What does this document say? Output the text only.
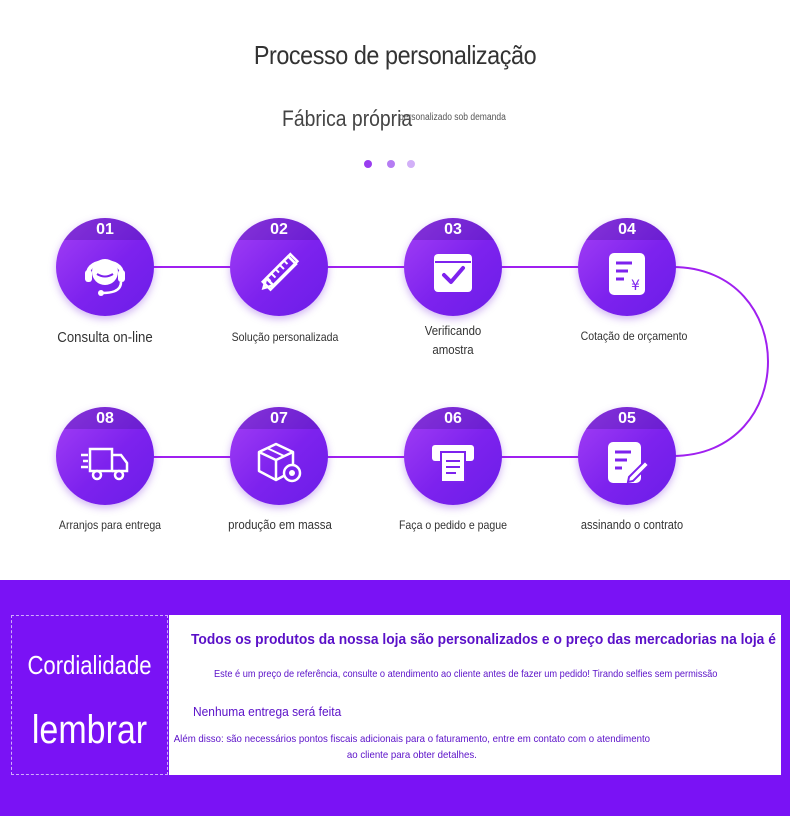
Processo de personalização
Fábrica própria
personalizado sob demanda
01
Consulta on-line
02
Solução personalizada
03
Verificando amostra
04
¥
Cotação de orçamento
08
Arranjos para entrega
07
produção em massa
06
Faça o pedido e pague
05
assinando o contrato
Cordialidade
lembrar
Todos os produtos da nossa loja são personalizados e o preço das mercadorias na loja é
Este é um preço de referência, consulte o atendimento ao cliente antes de fazer um pedido! Tirando selfies sem permissão
Nenhuma entrega será feita
Além disso: são necessários pontos fiscais adicionais para o faturamento, entre em contato com o atendimento ao cliente para obter detalhes.
